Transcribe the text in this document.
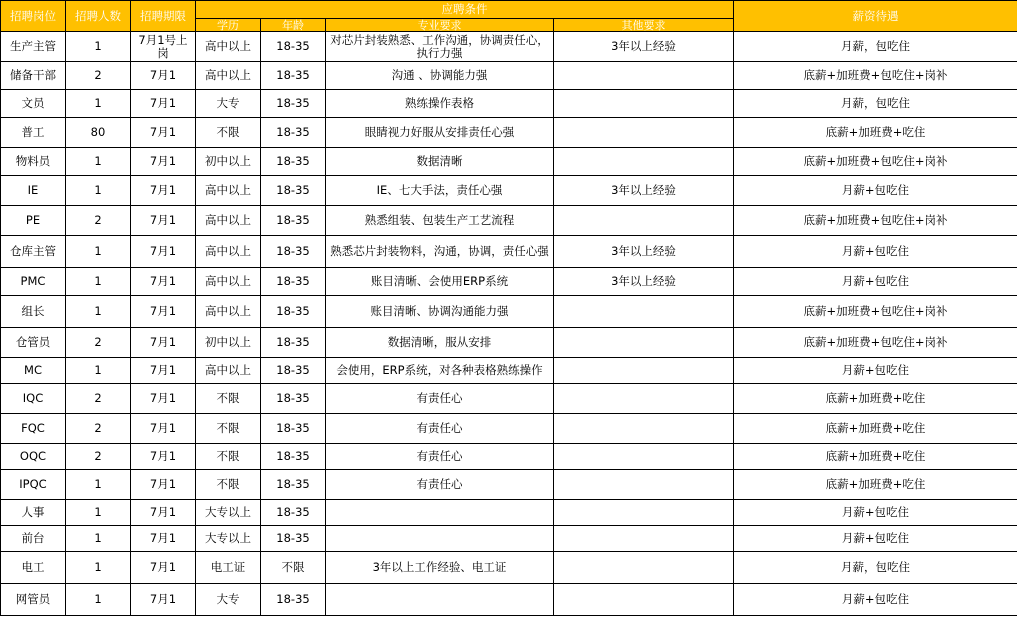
招聘岗位	招聘人数	招聘期限	应聘条件				薪资待遇
			学历	年龄	专业要求	其他要求	
生产主管	1	7月1号上岗	高中以上	18-35	对芯片封装熟悉、工作沟通，协调责任心，执行力强	3年以上经验	月薪，包吃住
储备干部	2	7月1	高中以上	18-35	沟通 、协调能力强		底薪+加班费+包吃住+岗补
文员	1	7月1	大专	18-35	熟练操作表格		月薪，包吃住
普工	80	7月1	不限	18-35	眼睛视力好服从安排责任心强		底薪+加班费+吃住
物料员	1	7月1	初中以上	18-35	数据清晰		底薪+加班费+包吃住+岗补
IE	1	7月1	高中以上	18-35	IE、七大手法，责任心强	3年以上经验	月薪+包吃住
PE	2	7月1	高中以上	18-35	熟悉组装、包装生产工艺流程		底薪+加班费+包吃住+岗补
仓库主管	1	7月1	高中以上	18-35	熟悉芯片封装物料，沟通，协调，责任心强	3年以上经验	月薪+包吃住
PMC	1	7月1	高中以上	18-35	账目清晰、会使用ERP系统	3年以上经验	月薪+包吃住
组长	1	7月1	高中以上	18-35	账目清晰、协调沟通能力强		底薪+加班费+包吃住+岗补
仓管员	2	7月1	初中以上	18-35	数据清晰，服从安排		底薪+加班费+包吃住+岗补
MC	1	7月1	高中以上	18-35	会使用，ERP系统，对各种表格熟练操作		月薪+包吃住
IQC	2	7月1	不限	18-35	有责任心		底薪+加班费+吃住
FQC	2	7月1	不限	18-35	有责任心		底薪+加班费+吃住
OQC	2	7月1	不限	18-35	有责任心		底薪+加班费+吃住
IPQC	1	7月1	不限	18-35	有责任心		底薪+加班费+吃住
人事	1	7月1	大专以上	18-35			月薪+包吃住
前台	1	7月1	大专以上	18-35			月薪+包吃住
电工	1	7月1	电工证	不限	3年以上工作经验、电工证		月薪，包吃住
网管员	1	7月1	大专	18-35			月薪+包吃住
